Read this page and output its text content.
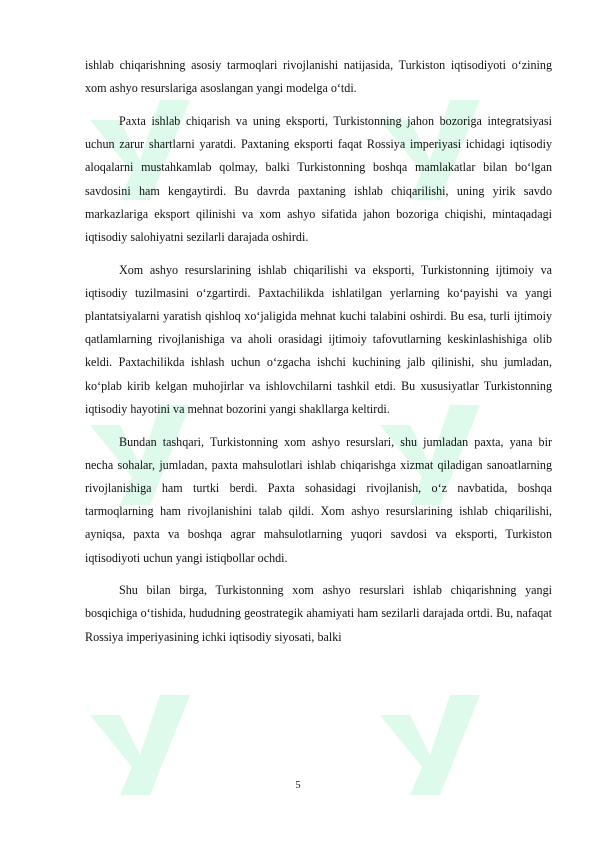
ishlab chiqarishning asosiy tarmoqlari rivojlanishi natijasida, Turkiston iqtisodiyoti o‘zining xom ashyo resurslariga asoslangan yangi modelga o‘tdi.

Paxta ishlab chiqarish va uning eksporti, Turkistonning jahon bozoriga integratsiyasi uchun zarur shartlarni yaratdi. Paxtaning eksporti faqat Rossiya imperiyasi ichidagi iqtisodiy aloqalarni mustahkamlab qolmay, balki Turkistonning boshqa mamlakatlar bilan bo‘lgan savdosini ham kengaytirdi. Bu davrda paxtaning ishlab chiqarilishi, uning yirik savdo markazlariga eksport qilinishi va xom ashyo sifatida jahon bozoriga chiqishi, mintaqadagi iqtisodiy salohiyatni sezilarli darajada oshirdi.

Xom ashyo resurslarining ishlab chiqarilishi va eksporti, Turkistonning ijtimoiy va iqtisodiy tuzilmasini o‘zgartirdi. Paxtachilikda ishlatilgan yerlarning ko‘payishi va yangi plantatsiyalarni yaratish qishloq xo‘jaligida mehnat kuchi talabini oshirdi. Bu esa, turli ijtimoiy qatlamlarning rivojlanishiga va aholi orasidagi ijtimoiy tafovutlarning keskinlashishiga olib keldi. Paxtachilikda ishlash uchun o‘zgacha ishchi kuchining jalb qilinishi, shu jumladan, ko‘plab kirib kelgan muhojirlar va ishlovchilarni tashkil etdi. Bu xususiyatlar Turkistonning iqtisodiy hayotini va mehnat bozorini yangi shakllarga keltirdi.

Bundan tashqari, Turkistonning xom ashyo resurslari, shu jumladan paxta, yana bir necha sohalar, jumladan, paxta mahsulotlari ishlab chiqarishga xizmat qiladigan sanoatlarning rivojlanishiga ham turtki berdi. Paxta sohasidagi rivojlanish, o‘z navbatida, boshqa tarmoqlarning ham rivojlanishini talab qildi. Xom ashyo resurslarining ishlab chiqarilishi, ayniqsa, paxta va boshqa agrar mahsulotlarning yuqori savdosi va eksporti, Turkiston iqtisodiyoti uchun yangi istiqbollar ochdi.

Shu bilan birga, Turkistonning xom ashyo resurslari ishlab chiqarishning yangi bosqichiga o‘tishida, hududning geostrategik ahamiyati ham sezilarli darajada ortdi. Bu, nafaqat Rossiya imperiyasining ichki iqtisodiy siyosati, balki

5
